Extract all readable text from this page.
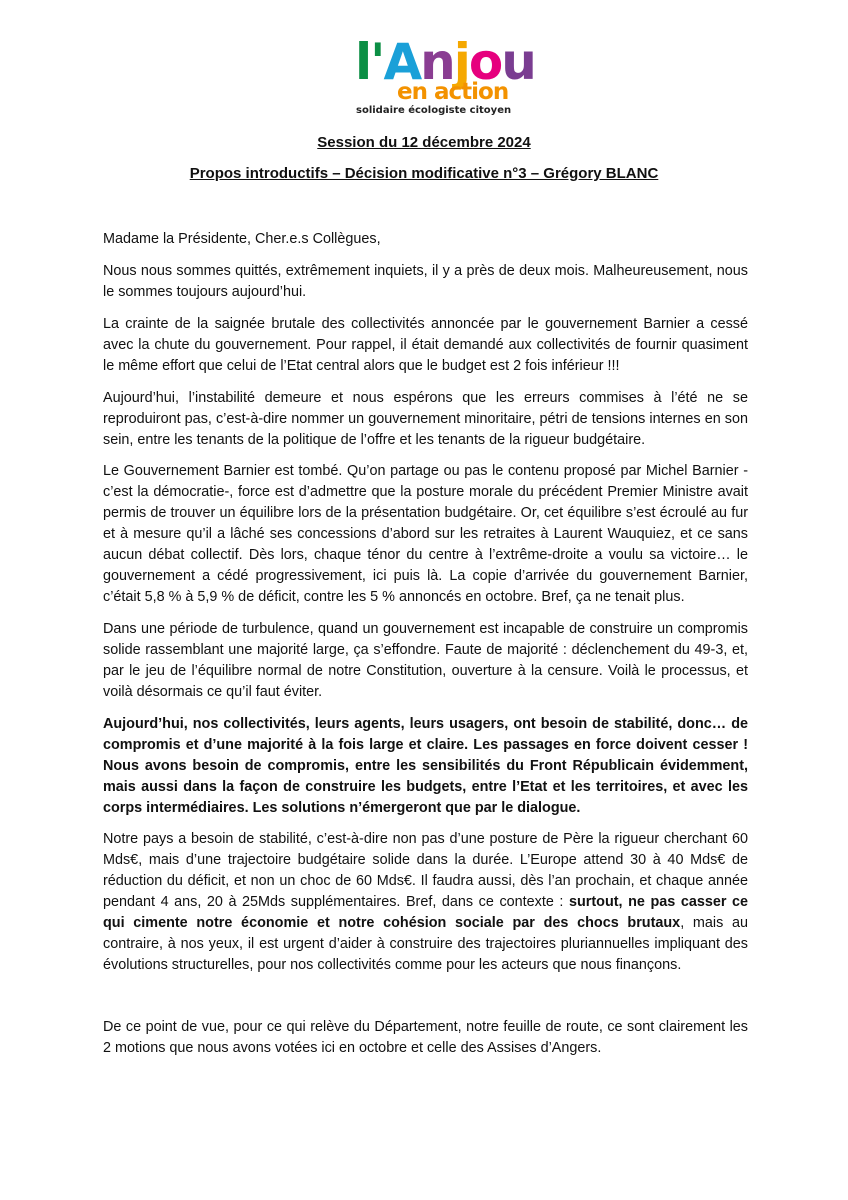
l'Anjou
en action
solidaire écologiste citoyen
Session du 12 décembre 2024
Propos introductifs – Décision modificative n°3 – Grégory BLANC

Madame la Présidente, Cher.e.s Collègues,

Nous nous sommes quittés, extrêmement inquiets, il y a près de deux mois. Malheureusement, nous le sommes toujours aujourd’hui.

La crainte de la saignée brutale des collectivités annoncée par le gouvernement Barnier a cessé avec la chute du gouvernement. Pour rappel, il était demandé aux collectivités de fournir quasiment le même effort que celui de l’Etat central alors que le budget est 2 fois inférieur !!!

Aujourd’hui, l’instabilité demeure et nous espérons que les erreurs commises à l’été ne se reproduiront pas, c’est-à-dire nommer un gouvernement minoritaire, pétri de tensions internes en son sein, entre les tenants de la politique de l’offre et les tenants de la rigueur budgétaire.

Le Gouvernement Barnier est tombé. Qu’on partage ou pas le contenu proposé par Michel Barnier - c’est la démocratie-, force est d’admettre que la posture morale du précédent Premier Ministre avait permis de trouver un équilibre lors de la présentation budgétaire. Or, cet équilibre s’est écroulé au fur et à mesure qu’il a lâché ses concessions d’abord sur les retraites à Laurent Wauquiez, et ce sans aucun débat collectif. Dès lors, chaque ténor du centre à l’extrême-droite a voulu sa victoire… le gouvernement a cédé progressivement, ici puis là. La copie d’arrivée du gouvernement Barnier, c’était 5,8 % à 5,9 % de déficit, contre les 5 % annoncés en octobre. Bref, ça ne tenait plus.

Dans une période de turbulence, quand un gouvernement est incapable de construire un compromis solide rassemblant une majorité large, ça s’effondre. Faute de majorité : déclenchement du 49-3, et, par le jeu de l’équilibre normal de notre Constitution, ouverture à la censure. Voilà le processus, et voilà désormais ce qu’il faut éviter.

Aujourd’hui, nos collectivités, leurs agents, leurs usagers, ont besoin de stabilité, donc… de compromis et d’une majorité à la fois large et claire. Les passages en force doivent cesser ! Nous avons besoin de compromis, entre les sensibilités du Front Républicain évidemment, mais aussi dans la façon de construire les budgets, entre l’Etat et les territoires, et avec les corps intermédiaires. Les solutions n’émergeront que par le dialogue.

Notre pays a besoin de stabilité, c’est-à-dire non pas d’une posture de Père la rigueur cherchant 60 Mds€, mais d’une trajectoire budgétaire solide dans la durée. L’Europe attend 30 à 40 Mds€ de réduction du déficit, et non un choc de 60 Mds€. Il faudra aussi, dès l’an prochain, et chaque année pendant 4 ans, 20 à 25Mds supplémentaires. Bref, dans ce contexte : surtout, ne pas casser ce qui cimente notre économie et notre cohésion sociale par des chocs brutaux, mais au contraire, à nos yeux, il est urgent d’aider à construire des trajectoires pluriannuelles impliquant des évolutions structurelles, pour nos collectivités comme pour les acteurs que nous finançons.

De ce point de vue, pour ce qui relève du Département, notre feuille de route, ce sont clairement les 2 motions que nous avons votées ici en octobre et celle des Assises d’Angers.
